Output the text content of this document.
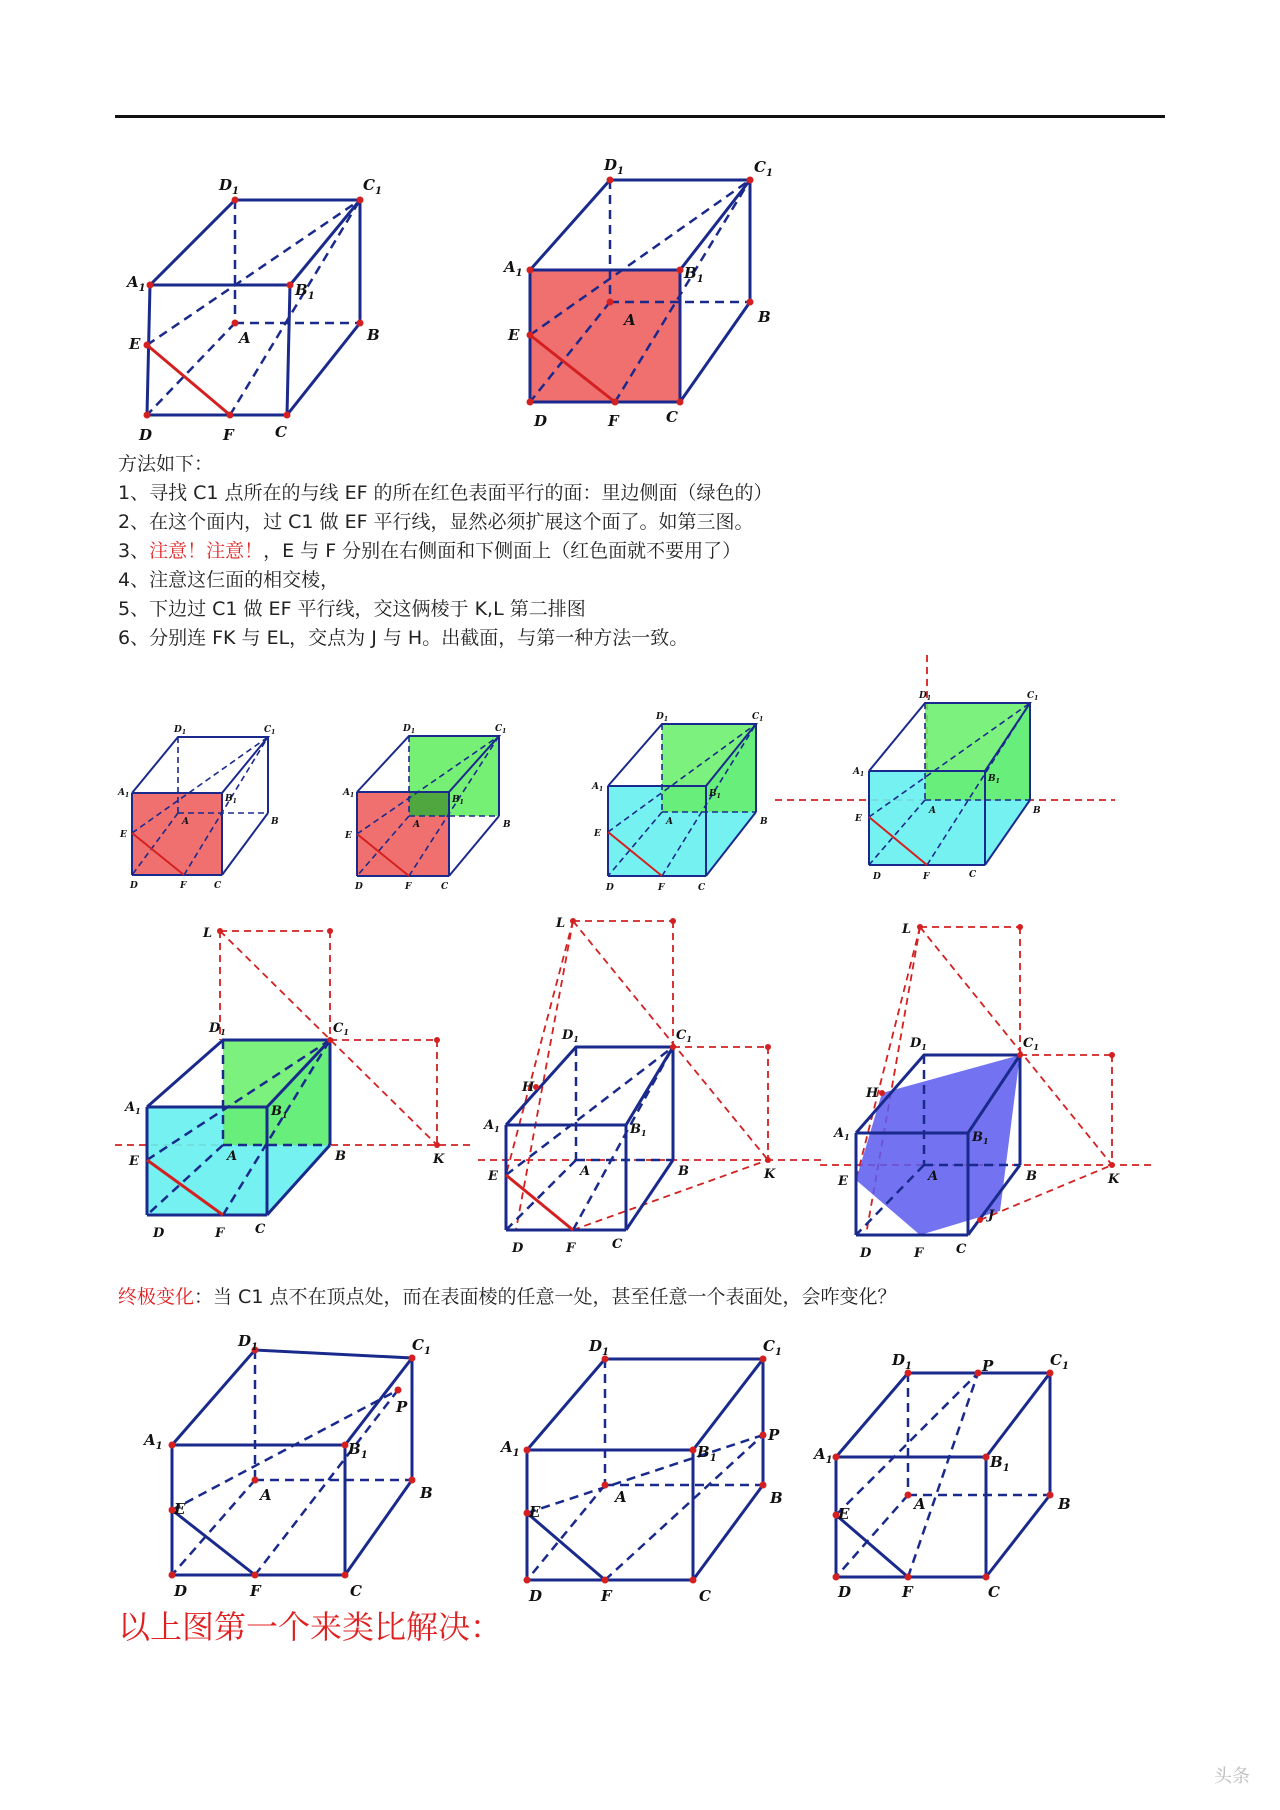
$D_1$	$C_1$
$A_1$	$B_1$
E	A	B
D	F	C
$D_1$	$C_1$
$A_1$	$B_1$
E
A	B
D	F	C
方法如下：
1、寻找 C1 点所在的与线 EF 的所在红色表面平行的面：里边侧面（绿色的）
2、在这个面内，过 C1 做 EF 平行线，显然必须扩展这个面了。如第三图。
3、注意！注意！，E 与 F 分别在右侧面和下侧面上（红色面就不要用了）
4、注意这仨面的相交棱，
5、下边过 C1 做 EF 平行线，交这俩棱于 K,L 第二排图
6、分别连 FK 与 EL，交点为 J 与 H。出截面，与第一种方法一致。
$D_1$	$C_1$
$A_1$	$B_1$
E
A	B
D	F	C
$D_1$	$C_1$
$A_1$	$B_1$
E
A	B
D	F	C
$D_1$	$C_1$
$A_1$	$B_1$
E
A	B
D	F	C
$D_1$	$C_1$
$A_1$	$B_1$
E
A	B
D	F	C
L
$D_1$	$C_1$
$A_1$	$B_1$
E	A	B	K
D	F C
L
$D_1$	$C_1$
H
$A_1$	$B_1$
E	A	B	K
D	F	C
L
$D_1$	$C_1$
H
$A_1$	$B_1$
E	A	B
J
K
D	F	C
终极变化：当 C1 点不在顶点处，而在表面棱的任意一处，甚至任意一个表面处，会咋变化？
$D_1$	$C_1$
P
$A_1$	$B_1$
A	B
E
D	F	C
$D_1$	$C_1$
P
$A_1$	$B_1$
A	B
E
D	F	C
$D_1$	$C_1$
P
$A_1$	$B_1$
A	B
E
D	F	C
以上图第一个来类比解决：
头条
